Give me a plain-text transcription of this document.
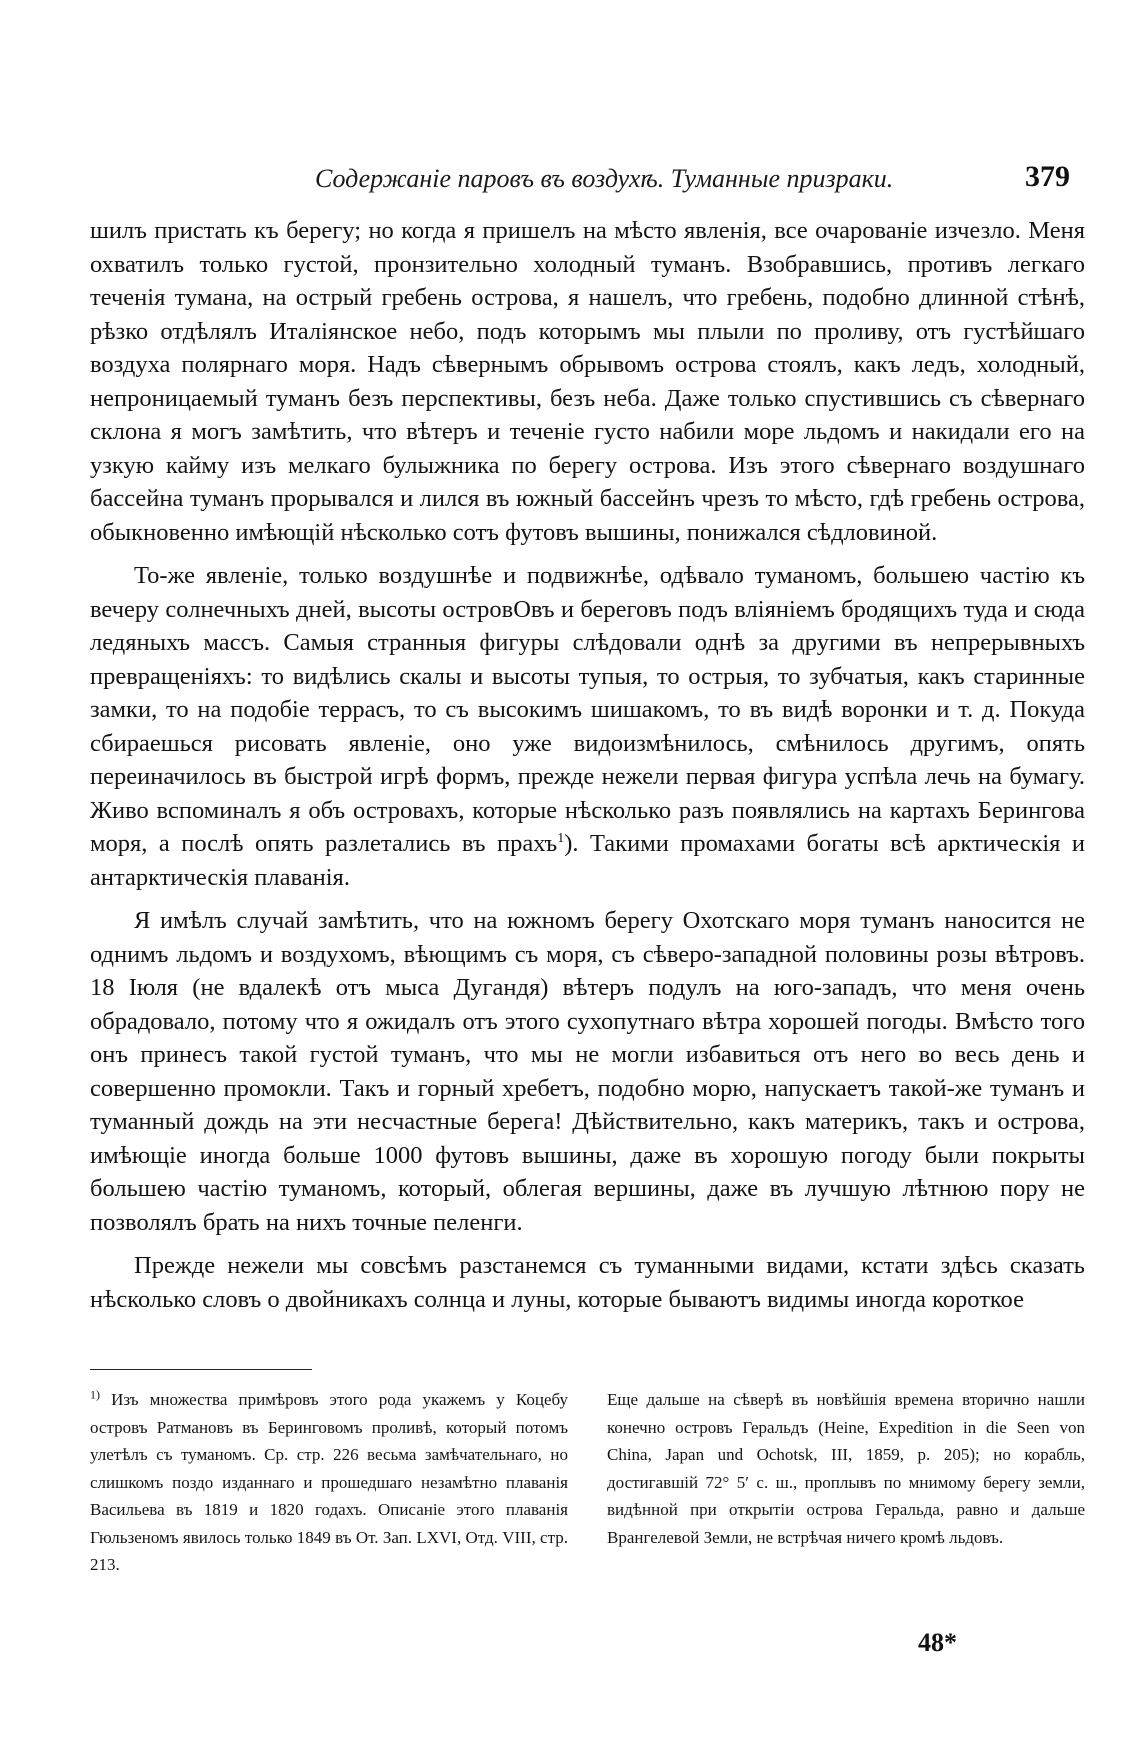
Содержаніе паровъ въ воздухѣ. Туманные призраки.	379

шилъ пристать къ берегу; но когда я пришелъ на мѣсто явленія, все очарованіе изчезло. Меня охватилъ только густой, пронзительно холодный туманъ. Взобравшись, противъ легкаго теченія тумана, на острый гребень острова, я нашелъ, что гребень, подобно длинной стѣнѣ, рѣзко отдѣлялъ Италіянское небо, подъ которымъ мы плыли по проливу, отъ густѣйшаго воздуха полярнаго моря. Надъ сѣвернымъ обрывомъ острова стоялъ, какъ ледъ, холодный, непроницаемый туманъ безъ перспективы, безъ неба. Даже только спустившись съ сѣвернаго склона я могъ замѣтить, что вѣтеръ и теченіе густо набили море льдомъ и накидали его на узкую кайму изъ мелкаго булыжника по берегу острова. Изъ этого сѣвернаго воздушнаго бассейна туманъ прорывался и лился въ южный бассейнъ чрезъ то мѣсто, гдѣ гребень острова, обыкновенно имѣющій нѣсколько сотъ футовъ вышины, понижался сѣдловиной.

То-же явленіе, только воздушнѣе и подвижнѣе, одѣвало туманомъ, большею частію къ вечеру солнечныхъ дней, высоты островОвъ и береговъ подъ вліяніемъ бродящихъ туда и сюда ледяныхъ массъ. Самыя странныя фигуры слѣдовали однѣ за другими въ непрерывныхъ превращеніяхъ: то видѣлись скалы и высоты тупыя, то острыя, то зубчатыя, какъ старинные замки, то на подобіе террасъ, то съ высокимъ шишакомъ, то въ видѣ воронки и т. д. Покуда сбираешься рисовать явленіе, оно уже видоизмѣнилось, смѣнилось другимъ, опять переиначилось въ быстрой игрѣ формъ, прежде нежели первая фигура успѣла лечь на бумагу. Живо вспоминалъ я объ островахъ, которые нѣсколько разъ появлялись на картахъ Берингова моря, а послѣ опять разлетались въ прахъ$^1$). Такими промахами богаты всѣ арктическія и антарктическія плаванія.

Я имѣлъ случай замѣтить, что на южномъ берегу Охотскаго моря туманъ наносится не однимъ льдомъ и воздухомъ, вѣющимъ съ моря, съ сѣверо-западной половины розы вѣтровъ. 18 Іюля (не вдалекѣ отъ мыса Дугандя) вѣтеръ подулъ на юго-западъ, что меня очень обрадовало, потому что я ожидалъ отъ этого сухопутнаго вѣтра хорошей погоды. Вмѣсто того онъ принесъ такой густой туманъ, что мы не могли избавиться отъ него во весь день и совершенно промокли. Такъ и горный хребетъ, подобно морю, напускаетъ такой-же туманъ и туманный дождь на эти несчастные берега! Дѣйствительно, какъ материкъ, такъ и острова, имѣющіе иногда больше 1000 футовъ вышины, даже въ хорошую погоду были покрыты большею частію туманомъ, который, облегая вершины, даже въ лучшую лѣтнюю пору не позволялъ брать на нихъ точные пеленги.

Прежде нежели мы совсѣмъ разстанемся съ туманными видами, кстати здѣсь сказать нѣсколько словъ о двойникахъ солнца и луны, которые бываютъ видимы иногда короткое

$^{1)}$ Изъ множества примѣровъ этого рода укажемъ у Коцебу островъ Ратмановъ въ Беринговомъ проливѣ, который потомъ улетѣлъ съ туманомъ. Ср. стр. 226 весьма замѣчательнаго, но слишкомъ поздо изданнаго и прошедшаго незамѣтно плаванія Васильева въ 1819 и 1820 годахъ. Описаніе этого плаванія Гюльзеномъ явилось только 1849 въ От. Зап. LXVI, Отд. VIII, стр. 213.
Еще дальше на сѣверѣ въ новѣйшія времена вторично нашли конечно островъ Геральдъ (Heine, Expedition in die Seen von China, Japan und Ochotsk, III, 1859, p. 205); но корабль, достигавшій 72° 5′ с. ш., проплывъ по мнимому берегу земли, видѣнной при открытіи острова Геральда, равно и дальше Врангелевой Земли, не встрѣчая ничего кромѣ льдовъ.
48*
